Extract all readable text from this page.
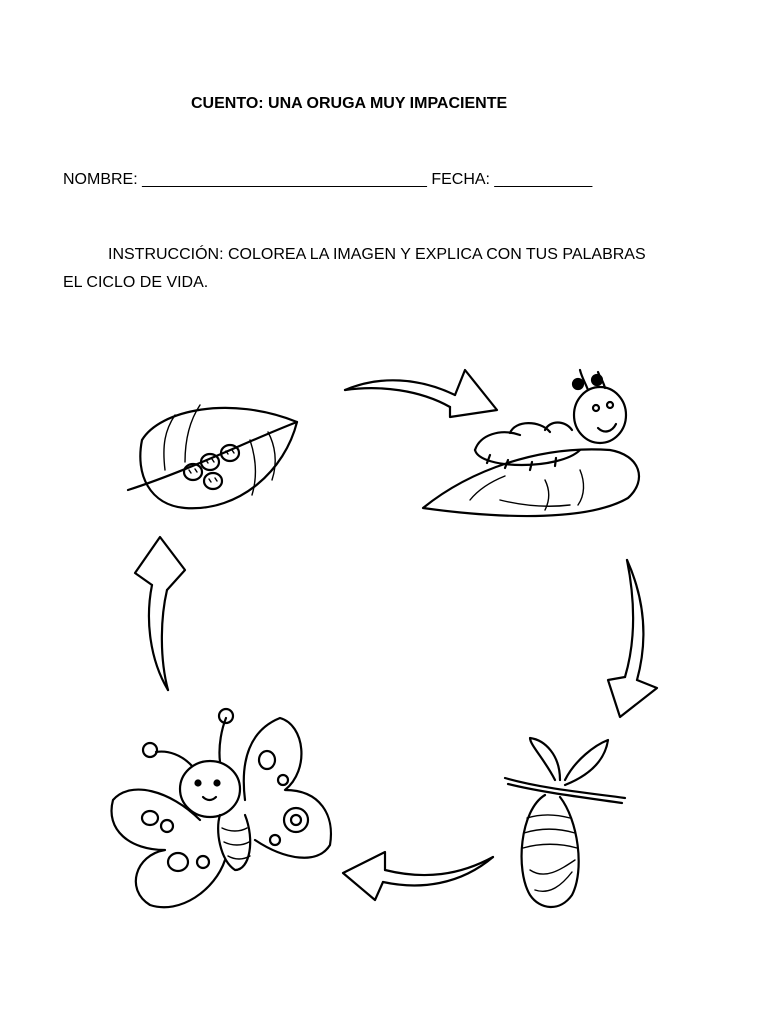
CUENTO: UNA ORUGA MUY IMPACIENTE
NOMBRE: ________________________________ FECHA: ___________
INSTRUCCIÓN: COLOREA LA IMAGEN Y EXPLICA CON TUS PALABRAS
EL CICLO DE VIDA.
